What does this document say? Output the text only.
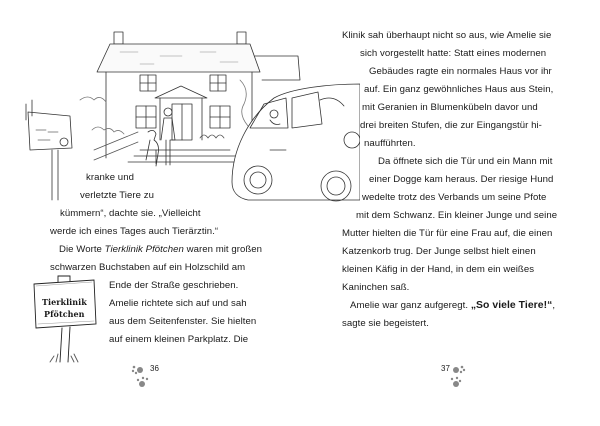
kranke und
verletzte Tiere zu
kümmern“, dachte sie. „Vielleicht
werde ich eines Tages auch Tierärztin.“
Die Worte Tierklinik Pfötchen waren mit großen
schwarzen Buchstaben auf ein Holzschild am
Ende der Straße geschrieben.
Amelie richtete sich auf und sah
aus dem Seitenfenster. Sie hielten
auf einem kleinen Parkplatz. Die
Tierklinik
Pfötchen
36
Klinik sah überhaupt nicht so aus, wie Amelie sie
sich vorgestellt hatte: Statt eines modernen
Gebäudes ragte ein normales Haus vor ihr
auf. Ein ganz gewöhnliches Haus aus Stein,
mit Geranien in Blumenkübeln davor und
drei breiten Stufen, die zur Eingangstür hi-
naufführten.
Da öffnete sich die Tür und ein Mann mit
einer Dogge kam heraus. Der riesige Hund
wedelte trotz des Verbands um seine Pfote
mit dem Schwanz. Ein kleiner Junge und seine
Mutter hielten die Tür für eine Frau auf, die einen
Katzenkorb trug. Der Junge selbst hielt einen
kleinen Käfig in der Hand, in dem ein weißes
Kaninchen saß.
Amelie war ganz aufgeregt. „So viele Tiere!“,
sagte sie begeistert.
37
